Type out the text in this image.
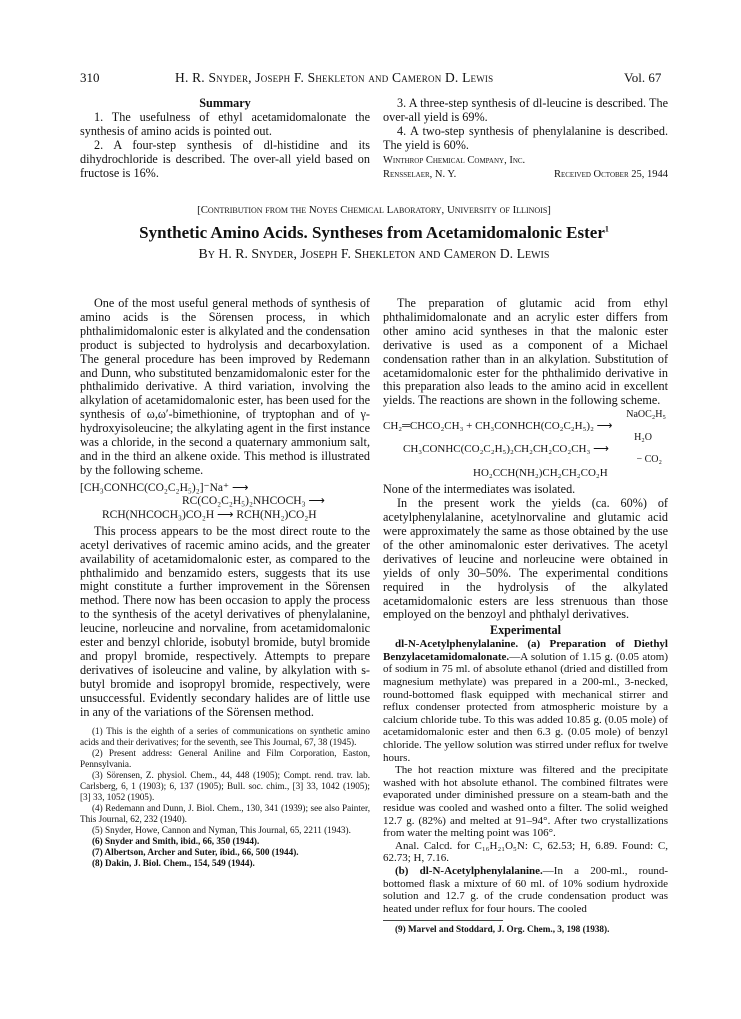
310	H. R. Snyder, Joseph F. Shekleton and Cameron D. Lewis	Vol. 67
Summary

1. The usefulness of ethyl acetamidomalonate the synthesis of amino acids is pointed out.

2. A four-step synthesis of dl-histidine and its dihydrochloride is described. The over-all yield based on fructose is 16%.

3. A three-step synthesis of dl-leucine is described. The over-all yield is 69%.

4. A two-step synthesis of phenylalanine is described. The yield is 60%.

Winthrop Chemical Company, Inc.
Rensselaer, N. Y.	Received October 25, 1944
[Contribution from the Noyes Chemical Laboratory, University of Illinois]
Synthetic Amino Acids. Syntheses from Acetamidomalonic Ester$^1$
By H. R. Snyder, Joseph F. Shekleton and Cameron D. Lewis

One of the most useful general methods of synthesis of amino acids is the Sörensen process, in which phthalimidomalonic ester is alkylated and the condensation product is subjected to hydrolysis and decarboxylation. The general procedure has been improved by Redemann and Dunn, who substituted benzamidomalonic ester for the phthalimido derivative. A third variation, involving the alkylation of acetamidomalonic ester, has been used for the synthesis of ω,ω′-bimethionine, of tryptophan and of γ-hydroxyisoleucine; the alkylating agent in the first instance was a chloride, in the second a quaternary ammonium salt, and in the third an alkene oxide. This method is illustrated by the following scheme.

[CH₃CONHC(CO₂C₂H₅)₂]⁻Na⁺ ⟶
RC(CO₂C₂H₅)₂NHCOCH₃ ⟶
RCH(NHCOCH₃)CO₂H ⟶ RCH(NH₂)CO₂H

This process appears to be the most direct route to the acetyl derivatives of racemic amino acids, and the greater availability of acetamidomalonic ester, as compared to the phthalimido and benzamido esters, suggests that its use might constitute a further improvement in the Sörensen method. There now has been occasion to apply the process to the synthesis of the acetyl derivatives of phenylalanine, leucine, norleucine and norvaline, from acetamidomalonic ester and benzyl chloride, isobutyl bromide, butyl bromide and propyl bromide, respectively. Attempts to prepare derivatives of isoleucine and valine, by alkylation with s-butyl bromide and isopropyl bromide, respectively, were unsuccessful. Evidently secondary halides are of little use in any of the variations of the Sörensen method.

(1) This is the eighth of a series of communications on synthetic amino acids and their derivatives; for the seventh, see This Journal, 67, 38 (1945).

(2) Present address: General Aniline and Film Corporation, Easton, Pennsylvania.

(3) Sörensen, Z. physiol. Chem., 44, 448 (1905); Compt. rend. trav. lab. Carlsberg, 6, 1 (1903); 6, 137 (1905); Bull. soc. chim., [3] 33, 1042 (1905); [3] 33, 1052 (1905).

(4) Redemann and Dunn, J. Biol. Chem., 130, 341 (1939); see also Painter, This Journal, 62, 232 (1940).

(5) Snyder, Howe, Cannon and Nyman, This Journal, 65, 2211 (1943).

(6) Snyder and Smith, ibid., 66, 350 (1944).

(7) Albertson, Archer and Suter, ibid., 66, 500 (1944).

(8) Dakin, J. Biol. Chem., 154, 549 (1944).

The preparation of glutamic acid from ethyl phthalimidomalonate and an acrylic ester differs from other amino acid syntheses in that the malonic ester derivative is used as a component of a Michael condensation rather than in an alkylation. Substitution of acetamidomalonic ester for the phthalimido derivative in this preparation also leads to the amino acid in excellent yields. The reactions are shown in the following scheme.

NaOC₂H₅
CH₂═CHCO₂CH₃ + CH₃CONHCH(CO₂C₂H₅)₂ ⟶
H₂O
CH₃CONHC(CO₂C₂H₅)₂CH₂CH₂CO₂CH₃ ⟶
− CO₂
HO₂CCH(NH₂)CH₂CH₂CO₂H

None of the intermediates was isolated.

In the present work the yields (ca. 60%) of acetylphenylalanine, acetylnorvaline and glutamic acid were approximately the same as those obtained by the use of the other aminomalonic ester derivatives. The acetyl derivatives of leucine and norleucine were obtained in yields of only 30–50%. The experimental conditions required in the hydrolysis of the alkylated acetamidomalonic esters are less strenuous than those employed on the benzoyl and phthalyl derivatives.

Experimental

dl-N-Acetylphenylalanine. (a) Preparation of Diethyl Benzylacetamidomalonate.—A solution of 1.15 g. (0.05 atom) of sodium in 75 ml. of absolute ethanol (dried and distilled from magnesium methylate) was prepared in a 200-ml., 3-necked, round-bottomed flask equipped with mechanical stirrer and reflux condenser protected from atmospheric moisture by a calcium chloride tube. To this was added 10.85 g. (0.05 mole) of acetamidomalonic ester and then 6.3 g. (0.05 mole) of benzyl chloride. The yellow solution was stirred under reflux for twelve hours.

The hot reaction mixture was filtered and the precipitate washed with hot absolute ethanol. The combined filtrates were evaporated under diminished pressure on a steam-bath and the residue was cooled and washed onto a filter. The solid weighed 12.7 g. (82%) and melted at 91–94°. After two crystallizations from water the melting point was 106°.

Anal. Calcd. for C₁₆H₂₁O₅N: C, 62.53; H, 6.89. Found: C, 62.73; H, 7.16.

(b) dl-N-Acetylphenylalanine.—In a 200-ml., round-bottomed flask a mixture of 60 ml. of 10% sodium hydroxide solution and 12.7 g. of the crude condensation product was heated under reflux for four hours. The cooled

(9) Marvel and Stoddard, J. Org. Chem., 3, 198 (1938).
